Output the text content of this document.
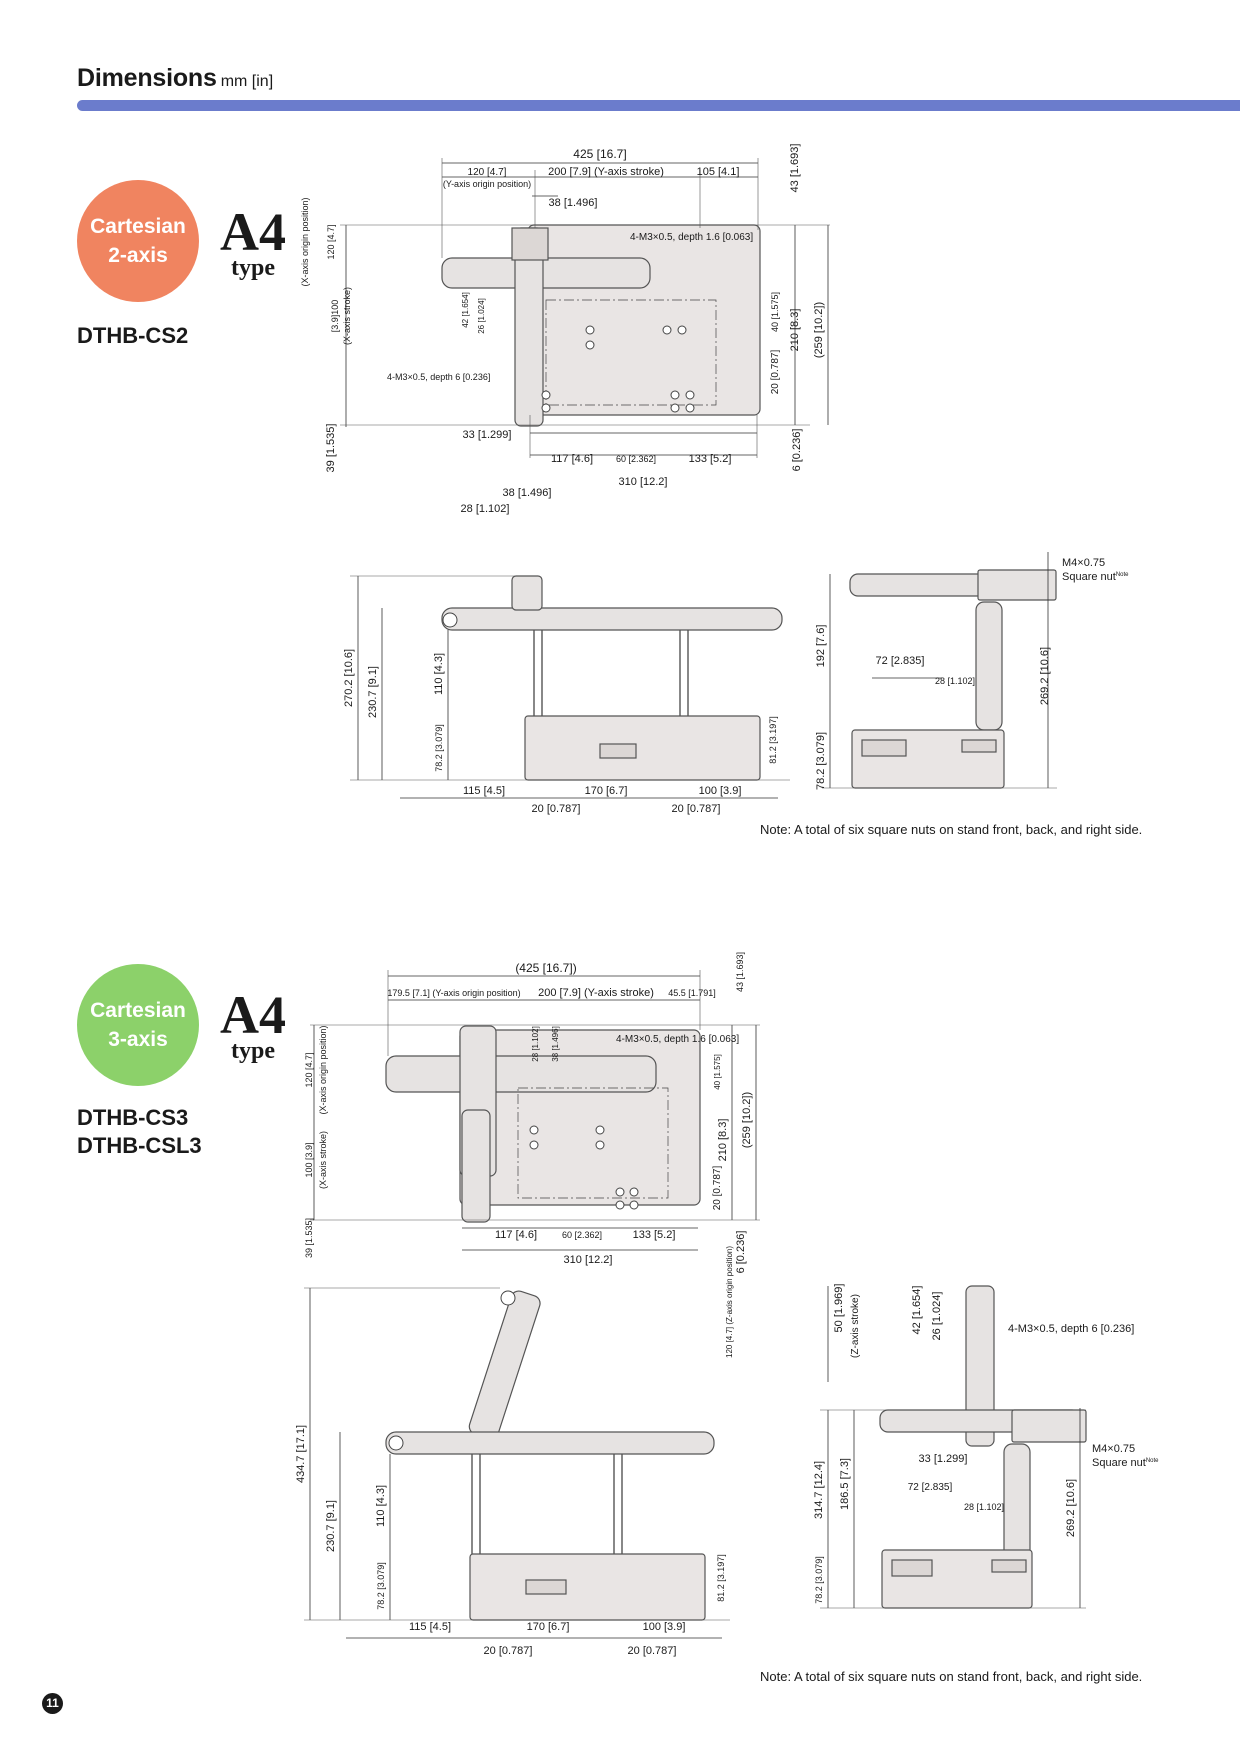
Dimensions mm [in]
Cartesian
2-axis A4
type
DTHB-CS2
425 [16.7]
120 [4.7]
(Y-axis origin position)
200 [7.9] (Y-axis stroke)	105 [4.1]
38 [1.496]
4-M3×0.5, depth 1.6 [0.063]
43 [1.693]
210 [8.3] (259 [10.2])
40 [1.575]
20 [0.787]
120 [4.7]
(X-axis origin position)
[3.9]100 (X-axis stroke)	42 [1.654] 26 [1.024]
4-M3×0.5, depth 6 [0.236]
33 [1.299]
39 [1.535]	117 [4.6]	60 [2.362]	133 [5.2]	6 [0.236]
310 [12.2]
38 [1.496]
28 [1.102]
270.2 [10.6] 230.7 [9.1]	110 [4.3]
78.2 [3.079]	81.2 [3.197]
115 [4.5]	170 [6.7]	100 [3.9]
20 [0.787]	20 [0.787]
M4×0.75
Square nut$^{Note}$
192 [7.6]
78.2 [3.079]
72 [2.835]
28 [1.102]	269.2 [10.6]
Note: A total of six square nuts on stand front, back, and right side.
Cartesian
3-axis A4
type
DTHB-CS3
DTHB-CSL3
(425 [16.7])
179.5 [7.1] (Y-axis origin position) 200 [7.9] (Y-axis stroke) 45.5 [1.791]
43 [1.693]
28 [1.102] 38 [1.496]	4-M3×0.5, depth 1.6 [0.063]
40 [1.575]
210 [8.3] (259 [10.2])
20 [0.787]
120 [4.7] (X-axis origin position)
100 [3.9] (X-axis stroke)
39 [1.535]	117 [4.6]	60 [2.362]	133 [5.2]	6 [0.236]
310 [12.2]
434.7 [17.1]
230.7 [9.1]	110 [4.3]
78.2 [3.079]	81.2 [3.197]
115 [4.5]	170 [6.7]	100 [3.9]
20 [0.787]	20 [0.787]
120 [4.7] (Z-axis origin position)	50 [1.969] (Z-axis stroke)	42 [1.654] 26 [1.024]	4-M3×0.5, depth 6 [0.236]
33 [1.299]
M4×0.75
Square nut$^{Note}$
314.7 [12.4] 186.5 [7.3]	72 [2.835]
28 [1.102]	269.2 [10.6]
78.2 [3.079]
Note: A total of six square nuts on stand front, back, and right side.
11
